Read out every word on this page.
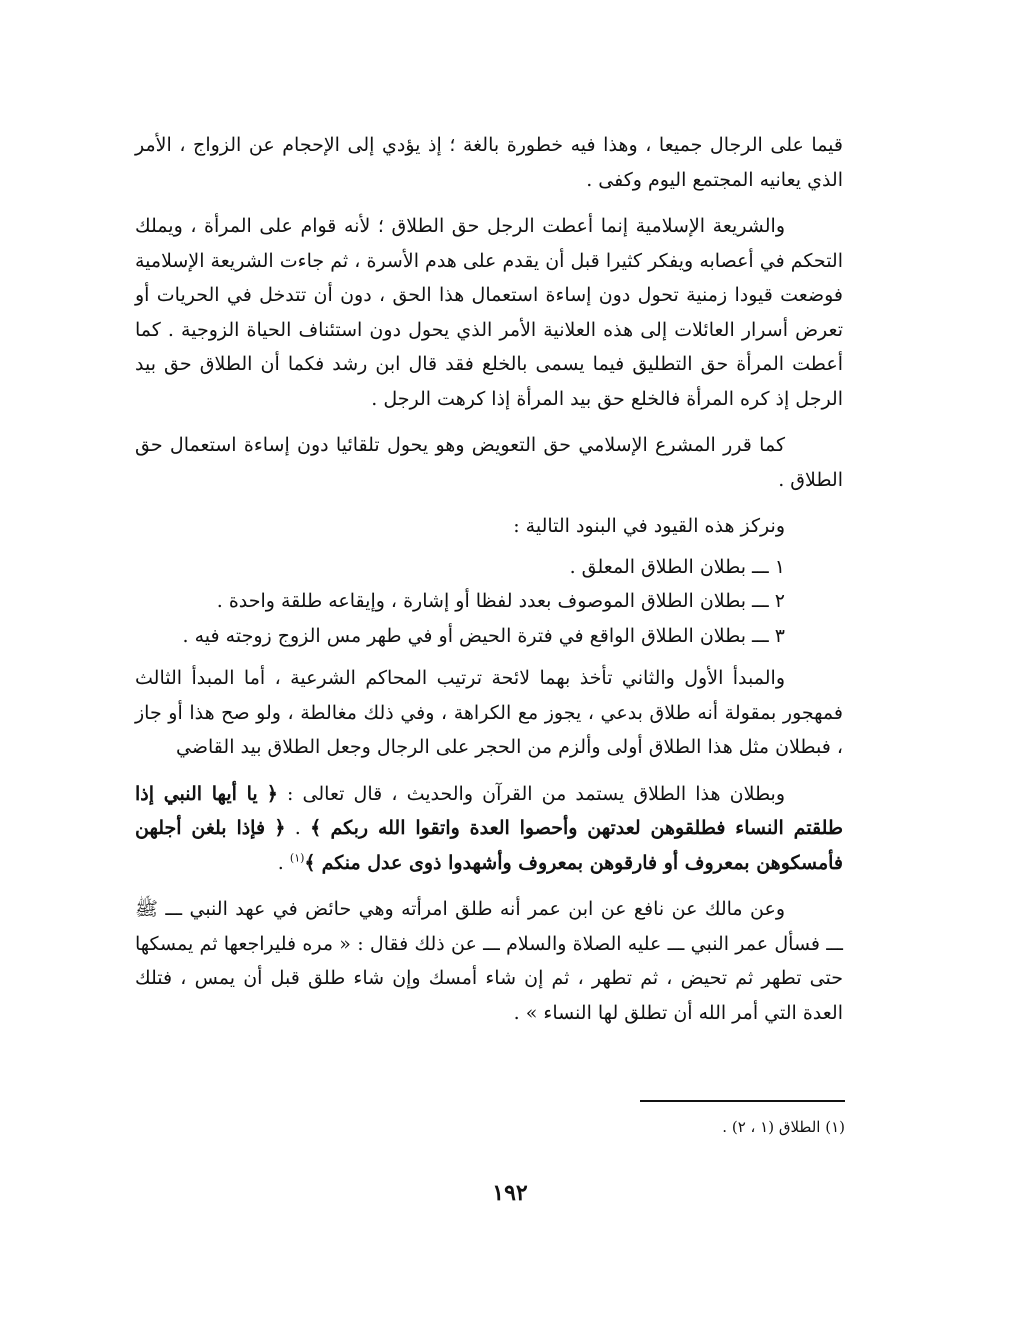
قيما على الرجال جميعا ، وهذا فيه خطورة بالغة ؛ إذ يؤدي إلى الإحجام عن الزواج ، الأمر الذي يعانيه المجتمع اليوم وكفى .

والشريعة الإسلامية إنما أعطت الرجل حق الطلاق ؛ لأنه قوام على المرأة ، ويملك التحكم في أعصابه ويفكر كثيرا قبل أن يقدم على هدم الأسرة ، ثم جاءت الشريعة الإسلامية فوضعت قيودا زمنية تحول دون إساءة استعمال هذا الحق ، دون أن تتدخل في الحريات أو تعرض أسرار العائلات إلى هذه العلانية الأمر الذي يحول دون استئناف الحياة الزوجية . كما أعطت المرأة حق التطليق فيما يسمى بالخلع فقد قال ابن رشد فكما أن الطلاق حق بيد الرجل إذ كره المرأة فالخلع حق بيد المرأة إذا كرهت الرجل .

كما قرر المشرع الإسلامي حق التعويض وهو يحول تلقائيا دون إساءة استعمال حق الطلاق .

ونركز هذه القيود في البنود التالية :

١ ـــ بطلان الطلاق المعلق .

٢ ـــ بطلان الطلاق الموصوف بعدد لفظا أو إشارة ، وإيقاعه طلقة واحدة .

٣ ـــ بطلان الطلاق الواقع في فترة الحيض أو في طهر مس الزوج زوجته فيه .

والمبدأ الأول والثاني تأخذ بهما لائحة ترتيب المحاكم الشرعية ، أما المبدأ الثالث فمهجور بمقولة أنه طلاق بدعي ، يجوز مع الكراهة ، وفي ذلك مغالطة ، ولو صح هذا أو جاز ، فبطلان مثل هذا الطلاق أولى وألزم من الحجر على الرجال وجعل الطلاق بيد القاضي

وبطلان هذا الطلاق يستمد من القرآن والحديث ، قال تعالى : ﴿ يا أيها النبي إذا طلقتم النساء فطلقوهن لعدتهن وأحصوا العدة واتقوا الله ربكم ﴾ . ﴿ فإذا بلغن أجلهن فأمسكوهن بمعروف أو فارقوهن بمعروف وأشهدوا ذوى عدل منكم ﴾$^{(١)}$ .

وعن مالك عن نافع عن ابن عمر أنه طلق امرأته وهي حائض في عهد النبي ـــ ﷺ ـــ فسأل عمر النبي ـــ عليه الصلاة والسلام ـــ عن ذلك فقال : « مره فليراجعها ثم يمسكها حتى تطهر ثم تحيض ، ثم تطهر ، ثم إن شاء أمسك وإن شاء طلق قبل أن يمس ، فتلك العدة التي أمر الله أن تطلق لها النساء » .

(١) الطلاق (١ ، ٢) .
١٩٢
